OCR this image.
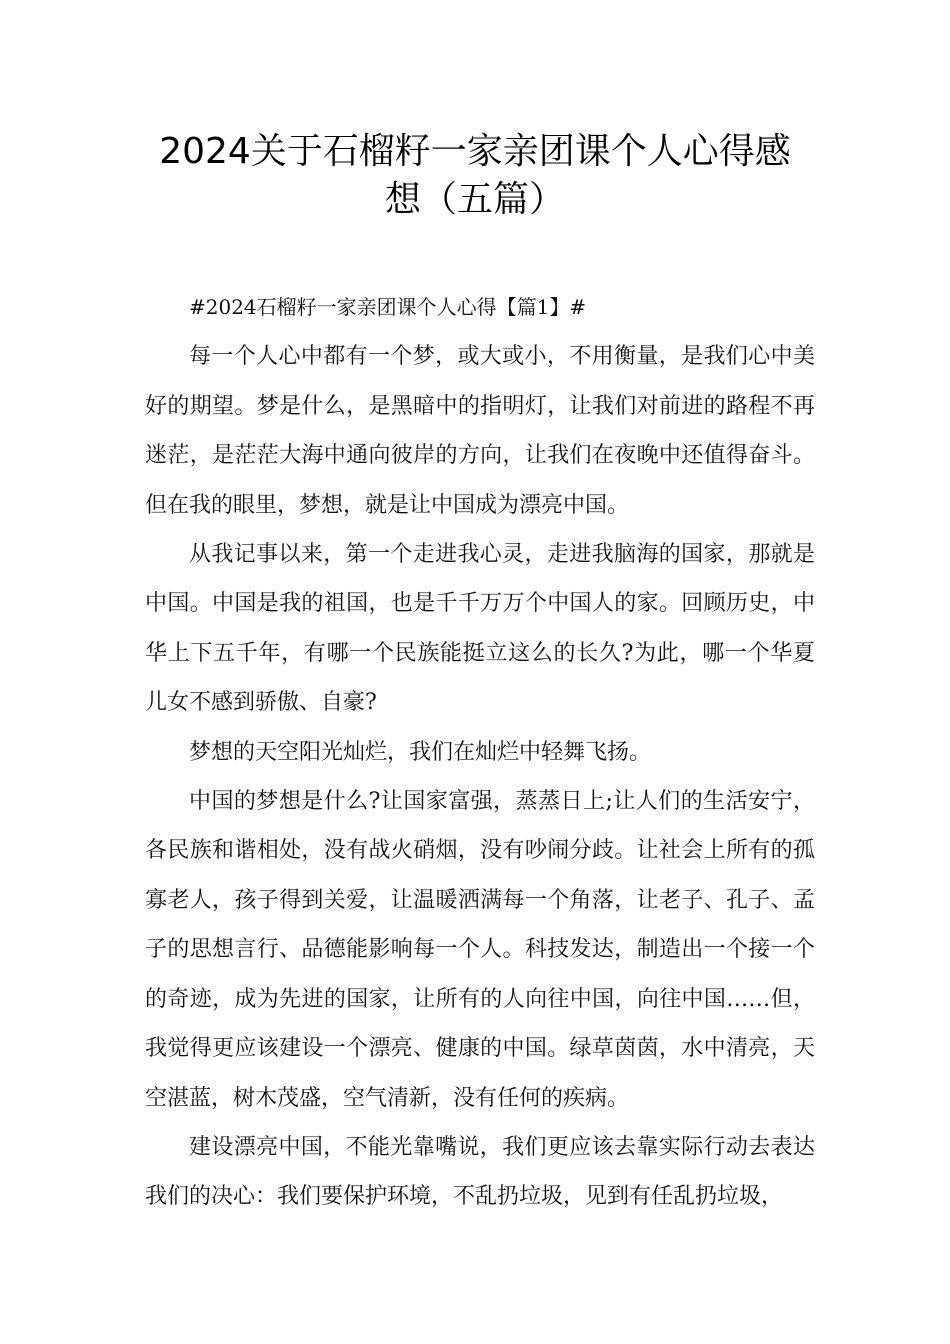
2024关于石榴籽一家亲团课个人心得感
想（五篇）
#2024石榴籽一家亲团课个人心得【篇1】#

每一个人心中都有一个梦，或大或小，不用衡量，是我们心中美好的期望。梦是什么，是黑暗中的指明灯，让我们对前进的路程不再迷茫，是茫茫大海中通向彼岸的方向，让我们在夜晚中还值得奋斗。但在我的眼里，梦想，就是让中国成为漂亮中国。

从我记事以来，第一个走进我心灵，走进我脑海的国家，那就是中国。中国是我的祖国，也是千千万万个中国人的家。回顾历史，中华上下五千年，有哪一个民族能挺立这么的长久?为此，哪一个华夏儿女不感到骄傲、自豪?

梦想的天空阳光灿烂，我们在灿烂中轻舞飞扬。

中国的梦想是什么?让国家富强，蒸蒸日上;让人们的生活安宁，各民族和谐相处，没有战火硝烟，没有吵闹分歧。让社会上所有的孤寡老人，孩子得到关爱，让温暖洒满每一个角落，让老子、孔子、孟子的思想言行、品德能影响每一个人。科技发达，制造出一个接一个的奇迹，成为先进的国家，让所有的人向往中国，向往中国……但，我觉得更应该建设一个漂亮、健康的中国。绿草茵茵，水中清亮，天空湛蓝，树木茂盛，空气清新，没有任何的疾病。

建设漂亮中国，不能光靠嘴说，我们更应该去靠实际行动去表达我们的决心：我们要保护环境，不乱扔垃圾，见到有任乱扔垃圾，
